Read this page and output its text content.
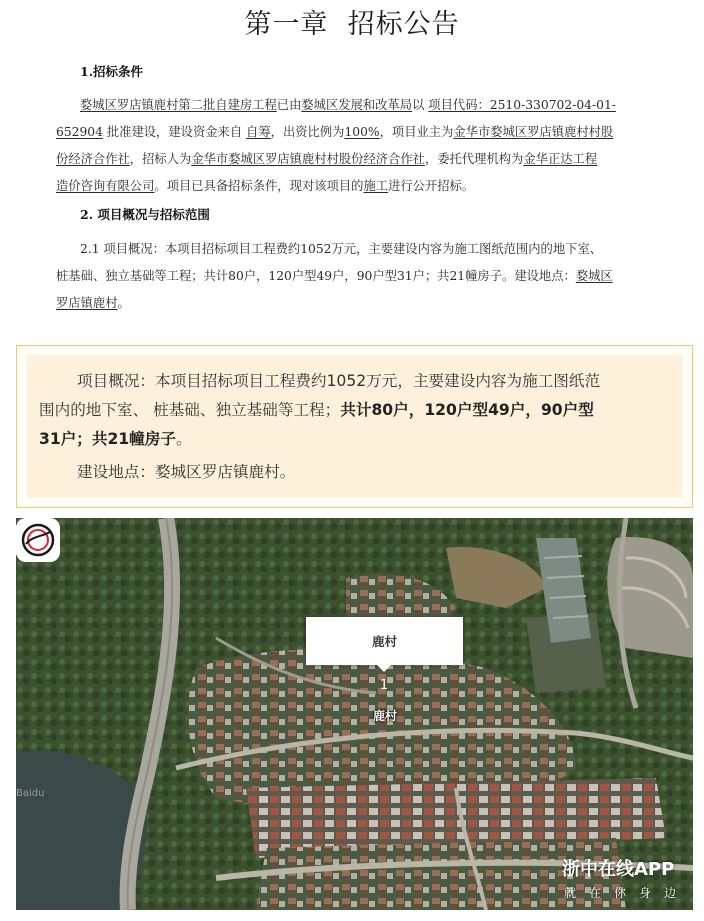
第一章  招标公告
1.招标条件
婺城区罗店镇鹿村第二批自建房工程已由婺城区发展和改革局以 项目代码：2510-330702-04-01-
652904 批准建设，建设资金来自 自筹，出资比例为100%，项目业主为金华市婺城区罗店镇鹿村村股
份经济合作社，招标人为金华市婺城区罗店镇鹿村村股份经济合作社，委托代理机构为金华正达工程
造价咨询有限公司。项目已具备招标条件，现对该项目的施工进行公开招标。
2. 项目概况与招标范围
2.1 项目概况：本项目招标项目工程费约1052万元，主要建设内容为施工图纸范围内的地下室、
桩基础、独立基础等工程；共计80户，120户型49户，90户型31户；共21幢房子。建设地点：婺城区
罗店镇鹿村。
项目概况：本项目招标项目工程费约1052万元，主要建设内容为施工图纸范
围内的地下室、 桩基础、独立基础等工程；共计80户，120户型49户，90户型
31户；共21幢房子。
建设地点：婺城区罗店镇鹿村。
Baidu
鹿村
1
鹿村
浙中在线APP
就在你身边
